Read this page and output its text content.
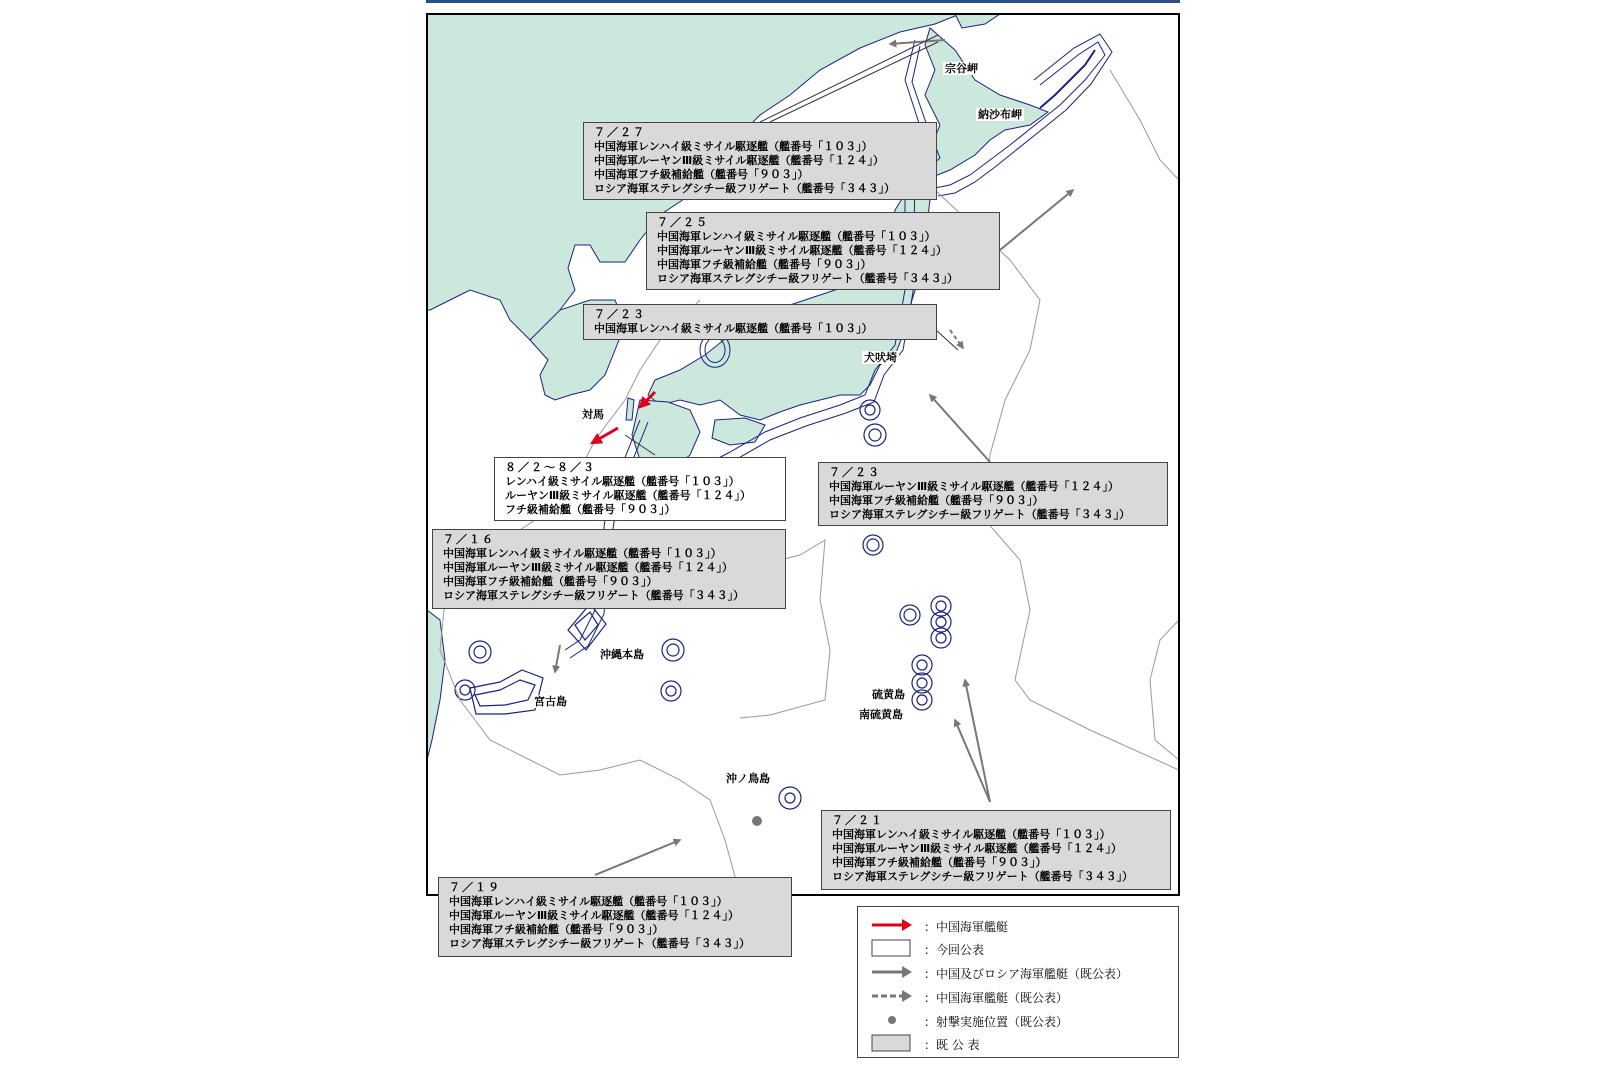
宗谷岬
納沙布岬
犬吠埼
対馬
沖縄本島
宮古島
硫黄島
南硫黄島
沖ノ鳥島
７／２７
中国海軍レンハイ級ミサイル駆逐艦（艦番号「１０３」）
中国海軍ルーヤンⅢ級ミサイル駆逐艦（艦番号「１２４」）
中国海軍フチ級補給艦（艦番号「９０３」）
ロシア海軍ステレグシチー級フリゲート（艦番号「３４３」）
７／２５
中国海軍レンハイ級ミサイル駆逐艦（艦番号「１０３」）
中国海軍ルーヤンⅢ級ミサイル駆逐艦（艦番号「１２４」）
中国海軍フチ級補給艦（艦番号「９０３」）
ロシア海軍ステレグシチー級フリゲート（艦番号「３４３」）
７／２３
中国海軍レンハイ級ミサイル駆逐艦（艦番号「１０３」）
８／２～８／３
レンハイ級ミサイル駆逐艦（艦番号「１０３」）
ルーヤンⅢ級ミサイル駆逐艦（艦番号「１２４」）
フチ級補給艦（艦番号「９０３」）
７／２３
中国海軍ルーヤンⅢ級ミサイル駆逐艦（艦番号「１２４」）
中国海軍フチ級補給艦（艦番号「９０３」）
ロシア海軍ステレグシチー級フリゲート（艦番号「３４３」）
７／１６
中国海軍レンハイ級ミサイル駆逐艦（艦番号「１０３」）
中国海軍ルーヤンⅢ級ミサイル駆逐艦（艦番号「１２４」）
中国海軍フチ級補給艦（艦番号「９０３」）
ロシア海軍ステレグシチー級フリゲート（艦番号「３４３」）
７／２１
中国海軍レンハイ級ミサイル駆逐艦（艦番号「１０３」）
中国海軍ルーヤンⅢ級ミサイル駆逐艦（艦番号「１２４」）
中国海軍フチ級補給艦（艦番号「９０３」）
ロシア海軍ステレグシチー級フリゲート（艦番号「３４３」）
７／１９
中国海軍レンハイ級ミサイル駆逐艦（艦番号「１０３」）
中国海軍ルーヤンⅢ級ミサイル駆逐艦（艦番号「１２４」）
中国海軍フチ級補給艦（艦番号「９０３」）
ロシア海軍ステレグシチー級フリゲート（艦番号「３４３」）
：中国海軍艦艇
：今回公表
：中国及びロシア海軍艦艇（既公表）
：中国海軍艦艇（既公表）
：射撃実施位置（既公表）
：既 公 表
